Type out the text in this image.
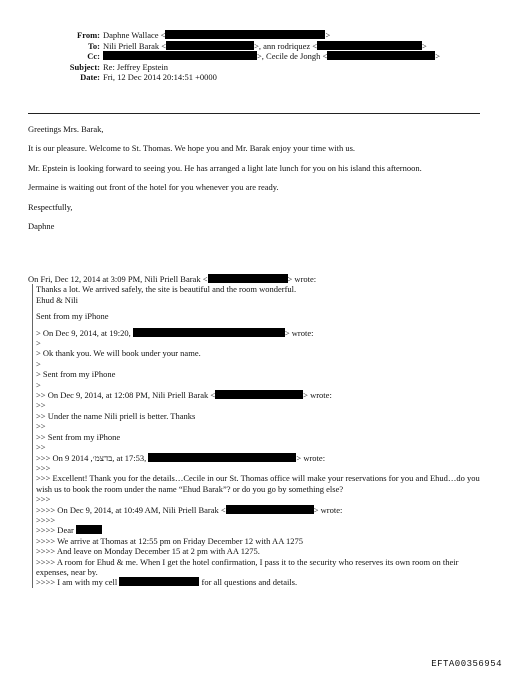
From: Daphne Wallace <	>
To: Nili Priell Barak <	>, ann rodriquez <	>
Cc:	>, Cecile de Jongh <	>
Subject: Re: Jeffrey Epstein
Date: Fri, 12 Dec 2014 20:14:51 +0000

Greetings Mrs. Barak,

It is our pleasure. Welcome to St. Thomas. We hope you and Mr. Barak enjoy your time with us.

Mr. Epstein is looking forward to seeing you. He has arranged a light late lunch for you on his island this afternoon.

Jermaine is waiting out front of the hotel for you whenever you are ready.

Respectfully,

Daphne

On Fri, Dec 12, 2014 at 3:09 PM, Nili Priell Barak <	> wrote:
Thanks a lot. We arrived safely, the site is beautiful and the room wonderful.
Ehud & Nili
Sent from my iPhone
> On Dec 9, 2014, at 19:20,	> wrote:
>
> Ok thank you. We will book under your name.
>
> Sent from my iPhone
>
>> On Dec 9, 2014, at 12:08 PM, Nili Priell Barak <	> wrote:
>>
>> Under the name Nili priell is better. Thanks
>>
>> Sent from my iPhone
>>
>>> On 9 2014 ,בדצמ׳, at 17:53,	> wrote:
>>>
>>> Excellent! Thank you for the details…Cecile in our St. Thomas office will make your reservations for you and Ehud…do you wish us to book the room under the name “Ehud Barak”? or do you go by something else?
>>>
>>>> On Dec 9, 2014, at 10:49 AM, Nili Priell Barak <	> wrote:
>>>>
>>>> Dear
>>>> We arrive at Thomas at 12:55 pm on Friday December 12 with AA 1275
>>>> And leave on Monday December 15 at 2 pm with AA 1275.
>>>> A room for Ehud & me. When I get the hotel confirmation, I pass it to the security who reserves its own room on their expenses, near by.
>>>> I am with my cell	for all questions and details.
EFTA00356954
